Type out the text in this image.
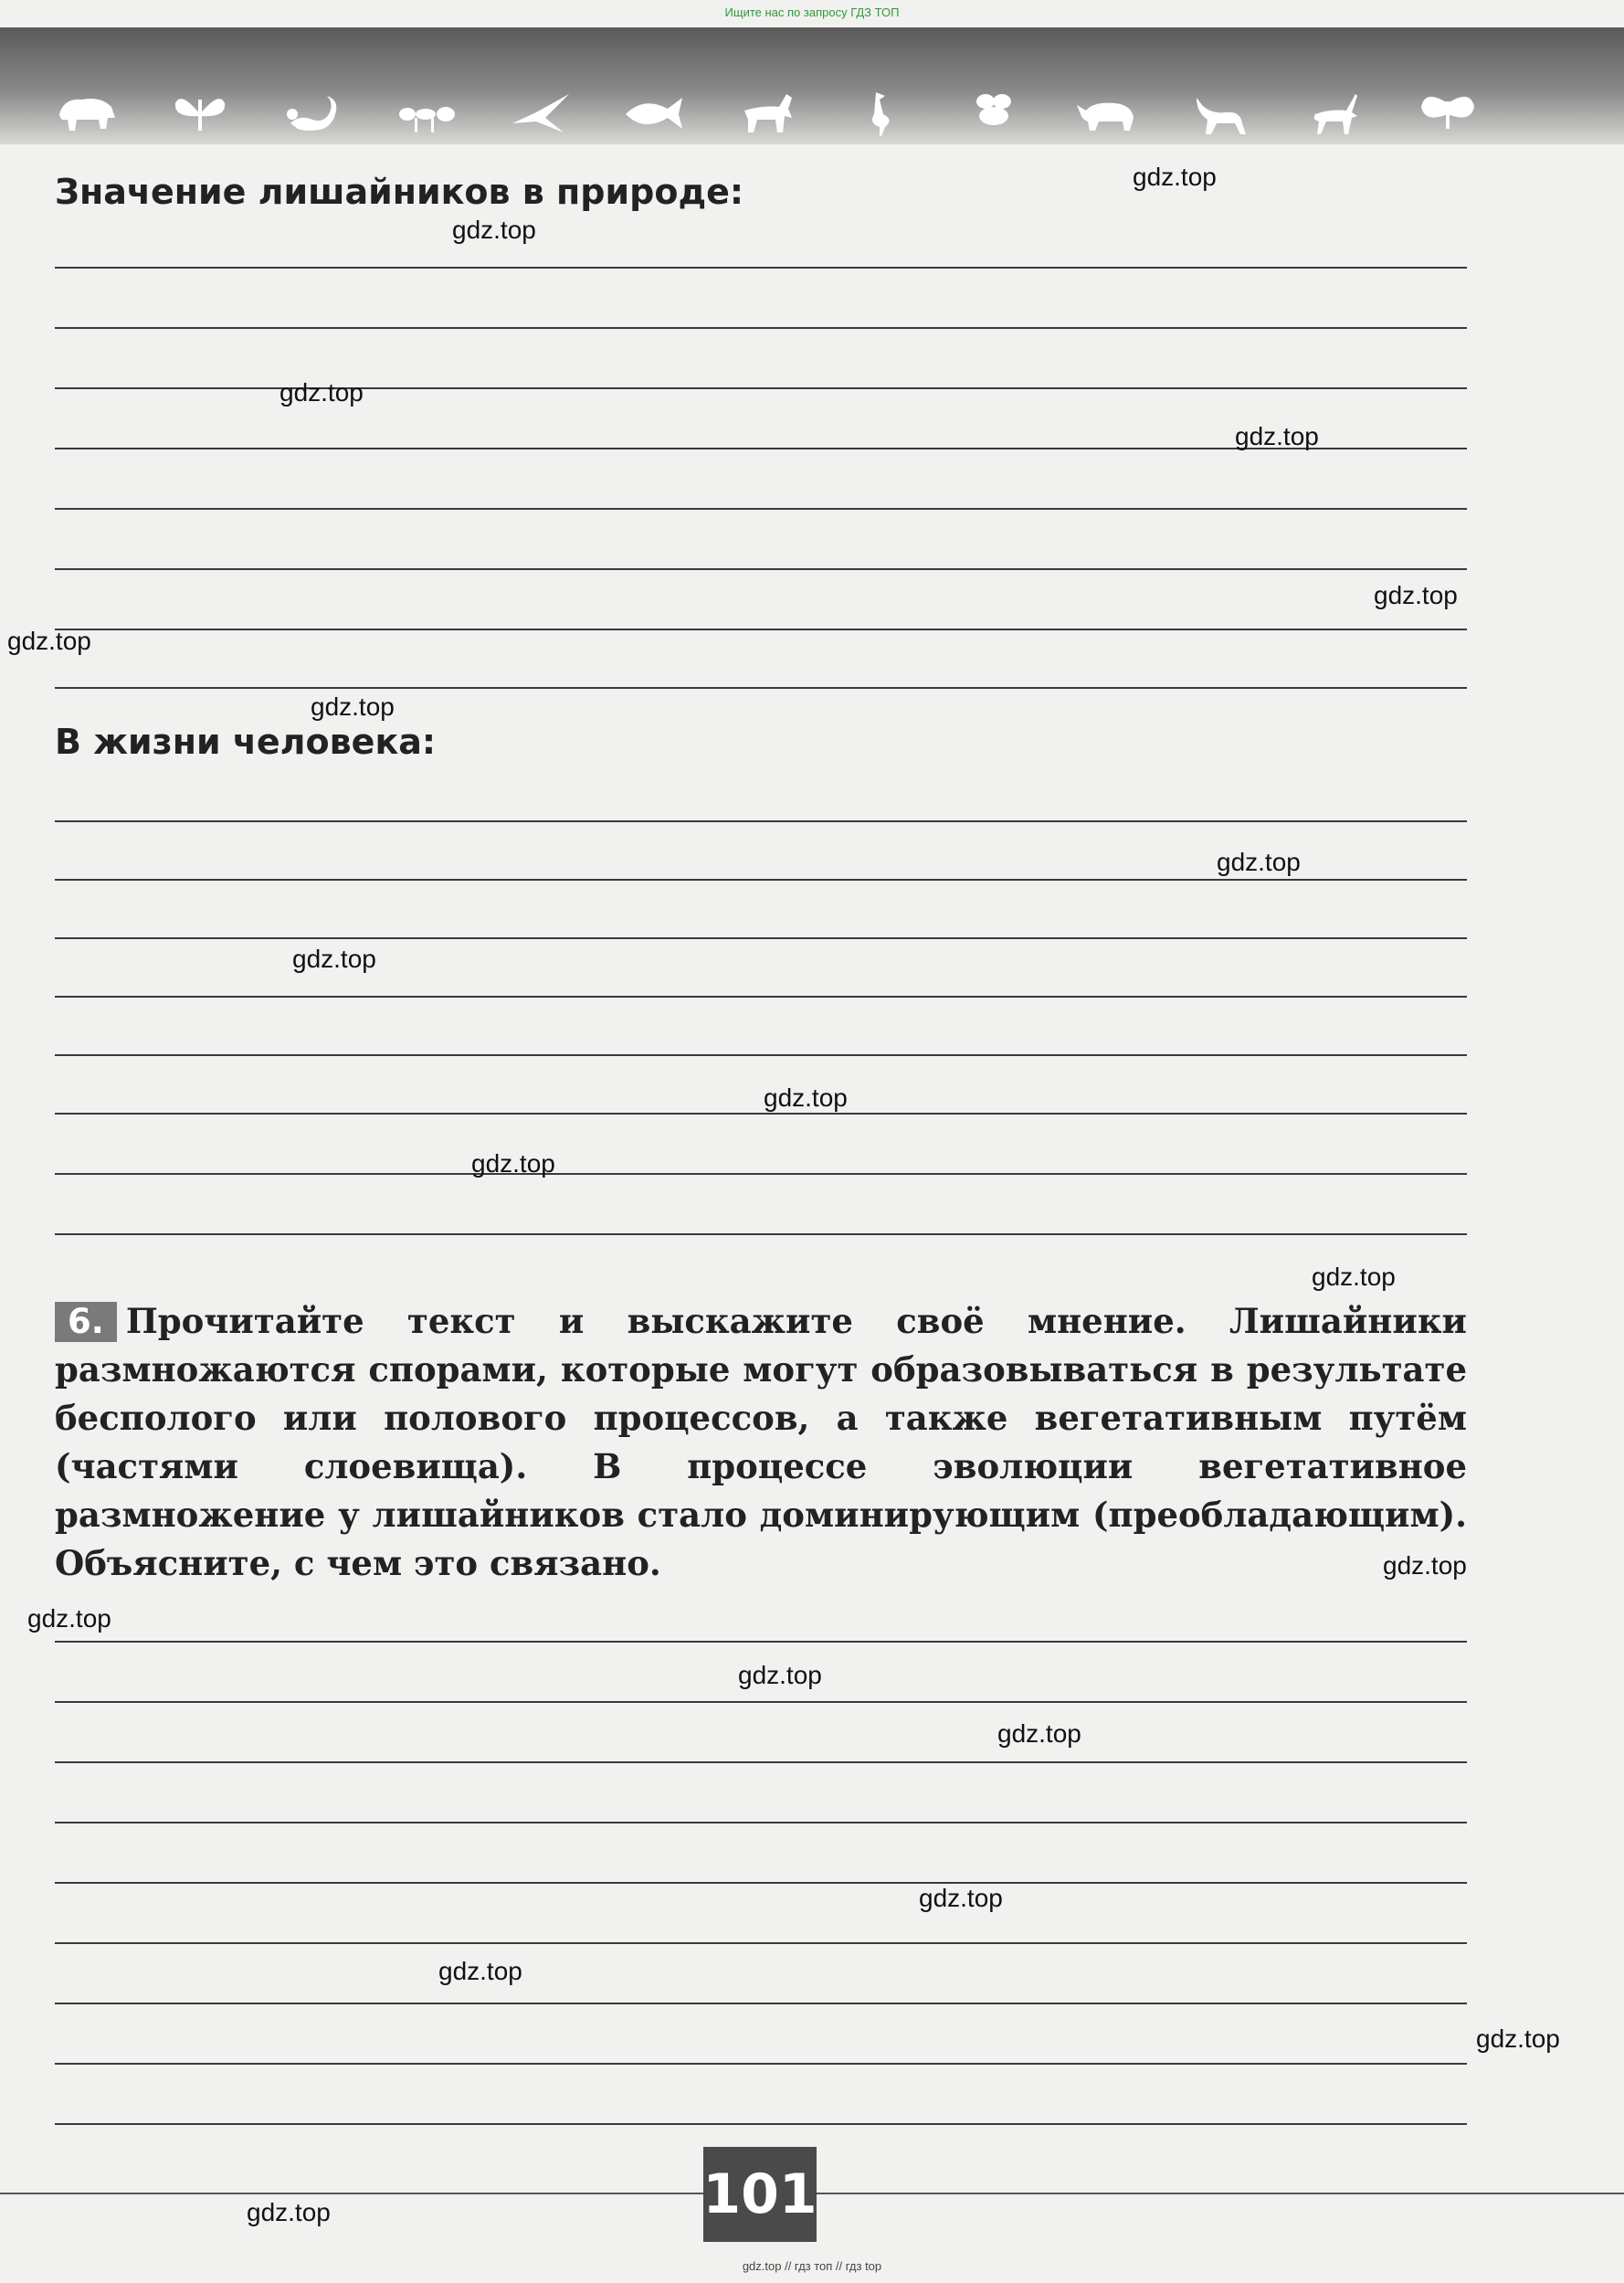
Ищите нас по запросу ГДЗ ТОП
Значение лишайников в природе:
В жизни человека:
6. Прочитайте текст и выскажите своё мнение. Лишайники размножаются спорами, которые могут образовываться в результате бесполого или полового процессов, а также вегетативным путём (частями слоевища). В процессе эволюции вегетативное размножение у лишайников стало доминирующим (преобладающим). Объясните, с чем это связано.
101
gdz.top
gdz.top
gdz.top
gdz.top
gdz.top
gdz.top
gdz.top
gdz.top
gdz.top
gdz.top
gdz.top
gdz.top
gdz.top
gdz.top
gdz.top
gdz.top
gdz.top
gdz.top
gdz.top
gdz.top
gdz.top // гдз топ // гдз top
